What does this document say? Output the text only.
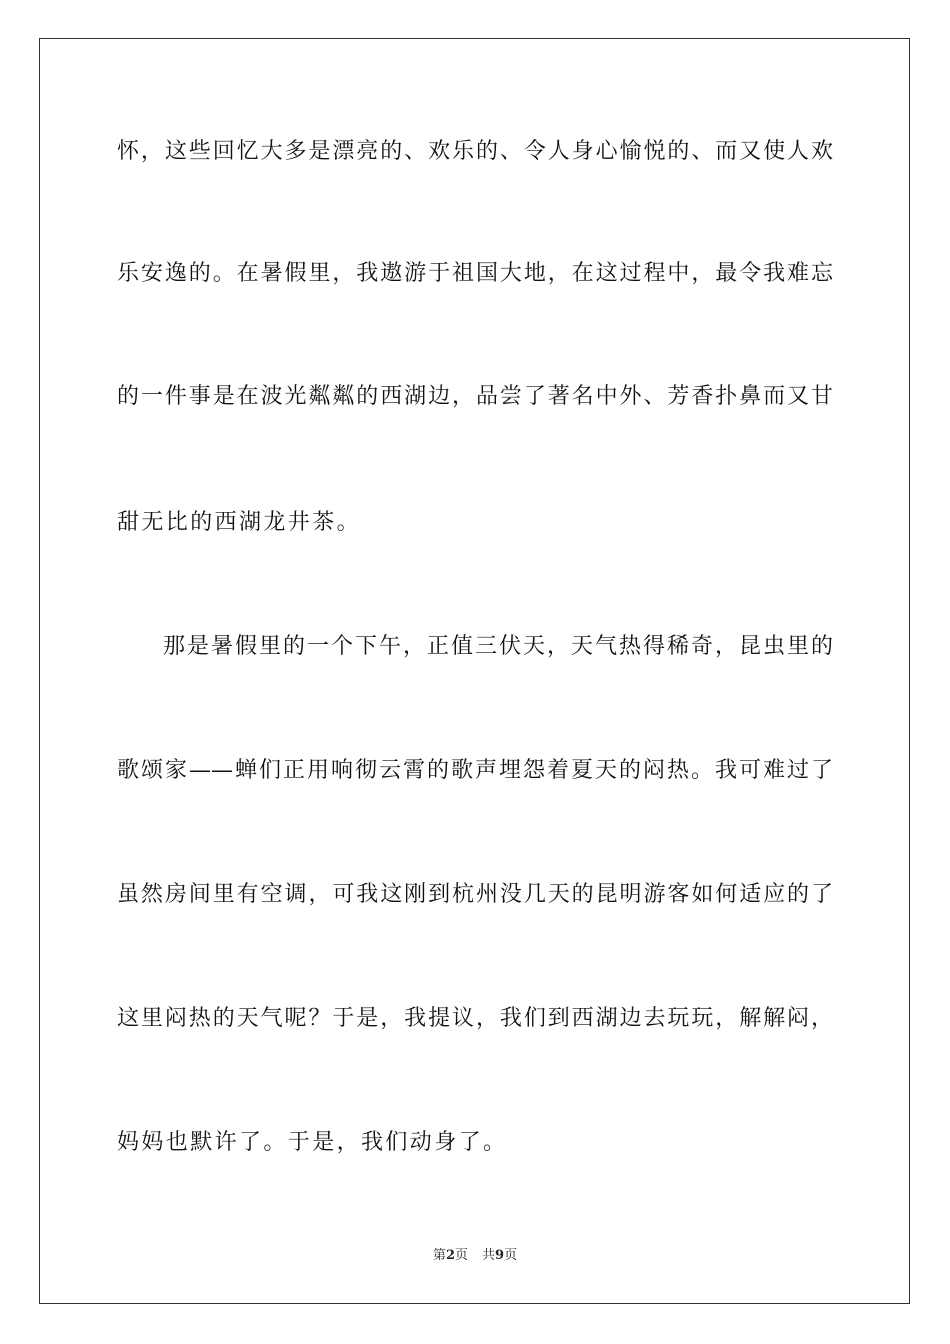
怀，这些回忆大多是漂亮的、欢乐的、令人身心愉悦的、而又使人欢
乐安逸的。在暑假里，我遨游于祖国大地，在这过程中，最令我难忘
的一件事是在波光粼粼的西湖边，品尝了著名中外、芳香扑鼻而又甘
甜无比的西湖龙井茶。
那是暑假里的一个下午，正值三伏天，天气热得稀奇，昆虫里的
歌颂家——蝉们正用响彻云霄的歌声埋怨着夏天的闷热。我可难过了
虽然房间里有空调，可我这刚到杭州没几天的昆明游客如何适应的了
这里闷热的天气呢？于是，我提议，我们到西湖边去玩玩，解解闷，
妈妈也默许了。于是，我们动身了。
第2页 共9页
